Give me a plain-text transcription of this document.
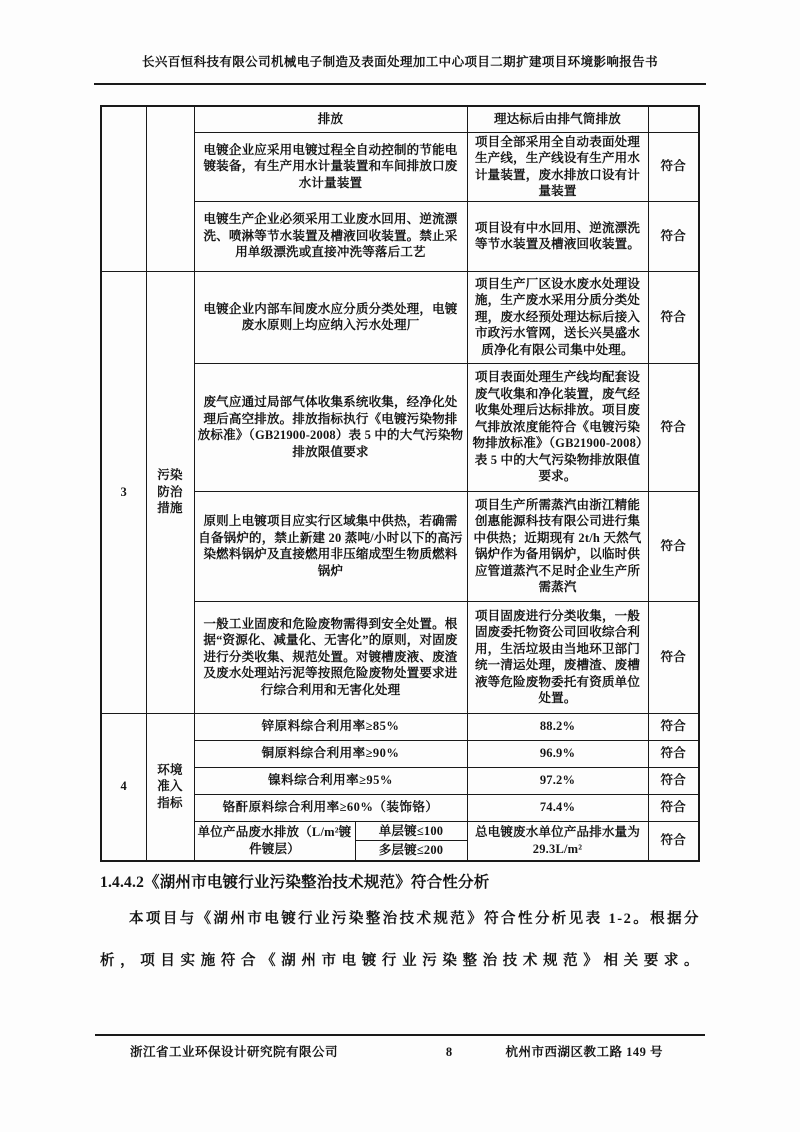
长兴百恒科技有限公司机械电子制造及表面处理加工中心项目二期扩建项目环境影响报告书
		排放		理达标后由排气筒排放	
		电镀企业应采用电镀过程全自动控制的节能电镀装备，有生产用水计量装置和车间排放口废水计量装置		项目全部采用全自动表面处理生产线，生产线设有生产用水计量装置，废水排放口设有计量装置	符合
		电镀生产企业必须采用工业废水回用、逆流漂洗、喷淋等节水装置及槽液回收装置。禁止采用单级漂洗或直接冲洗等落后工艺		项目设有中水回用、逆流漂洗等节水装置及槽液回收装置。	符合
3	污染防治措施	电镀企业内部车间废水应分质分类处理，电镀废水原则上均应纳入污水处理厂		项目生产厂区设水废水处理设施，生产废水采用分质分类处理，废水经预处理达标后接入市政污水管网，送长兴昊盛水质净化有限公司集中处理。	符合
		废气应通过局部气体收集系统收集，经净化处理后高空排放。排放指标执行《电镀污染物排放标准》（GB21900-2008）表 5 中的大气污染物排放限值要求		项目表面处理生产线均配套设废气收集和净化装置，废气经收集处理后达标排放。项目废气排放浓度能符合《电镀污染物排放标准》（GB21900-2008）表 5 中的大气污染物排放限值要求。	符合
		原则上电镀项目应实行区域集中供热，若确需自备锅炉的，禁止新建 20 蒸吨/小时以下的高污染燃料锅炉及直接燃用非压缩成型生物质燃料锅炉		项目生产所需蒸汽由浙江精能创惠能源科技有限公司进行集中供热；近期现有 2t/h 天然气锅炉作为备用锅炉，以临时供应管道蒸汽不足时企业生产所需蒸汽	符合
		一般工业固废和危险废物需得到安全处置。根据“资源化、减量化、无害化”的原则，对固废进行分类收集、规范处置。对镀槽废液、废渣及废水处理站污泥等按照危险废物处置要求进行综合利用和无害化处理		项目固废进行分类收集，一般固废委托物资公司回收综合利用，生活垃圾由当地环卫部门统一清运处理，废槽渣、废槽液等危险废物委托有资质单位处置。	符合
4	环境准入指标	锌原料综合利用率≥85%		88.2%	符合
		铜原料综合利用率≥90%		96.9%	符合
		镍料综合利用率≥95%		97.2%	符合
		铬酐原料综合利用率≥60%（装饰铬）		74.4%	符合
		单位产品废水排放（L/m²镀件镀层）	单层镀≤100	总电镀废水单位产品排水量为 29.3L/m²	符合
			多层镀≤200		
1.4.4.2《湖州市电镀行业污染整治技术规范》符合性分析
本项目与《湖州市电镀行业污染整治技术规范》符合性分析见表 1-2。根据分析，项目实施符合《湖州市电镀行业污染整治技术规范》相关要求。
浙江省工业环保设计研究院有限公司	8	杭州市西湖区教工路 149 号
